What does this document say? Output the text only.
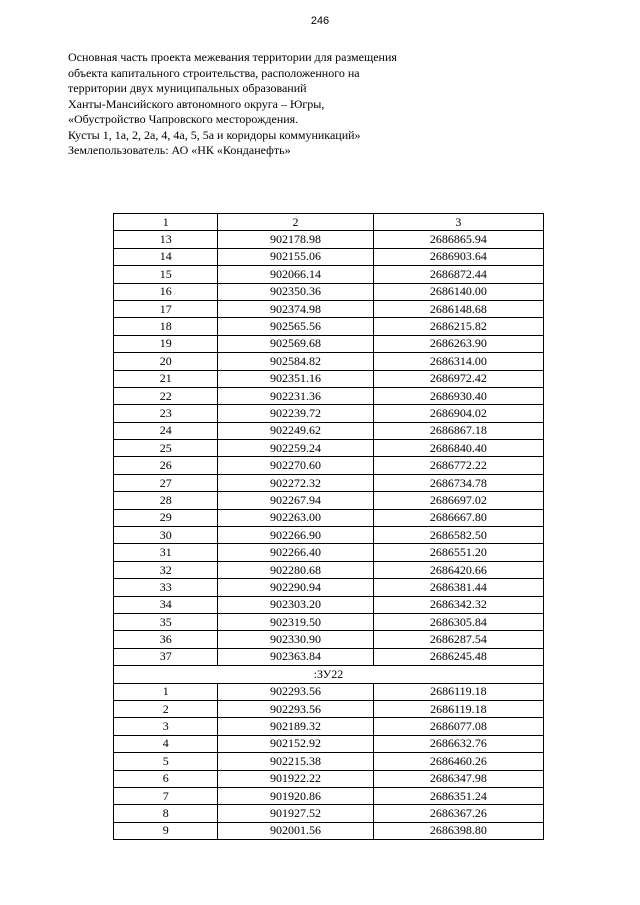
246
Основная часть проекта межевания территории для размещения
объекта капитального строительства, расположенного на
территории двух муниципальных образований
Ханты-Мансийского автономного округа – Югры,
«Обустройство Чапровского месторождения.
Кусты 1, 1а, 2, 2а, 4, 4а, 5, 5а и коридоры коммуникаций»
Землепользователь: АО «НК «Конданефть»
1	2	3
13	902178.98	2686865.94
14	902155.06	2686903.64
15	902066.14	2686872.44
16	902350.36	2686140.00
17	902374.98	2686148.68
18	902565.56	2686215.82
19	902569.68	2686263.90
20	902584.82	2686314.00
21	902351.16	2686972.42
22	902231.36	2686930.40
23	902239.72	2686904.02
24	902249.62	2686867.18
25	902259.24	2686840.40
26	902270.60	2686772.22
27	902272.32	2686734.78
28	902267.94	2686697.02
29	902263.00	2686667.80
30	902266.90	2686582.50
31	902266.40	2686551.20
32	902280.68	2686420.66
33	902290.94	2686381.44
34	902303.20	2686342.32
35	902319.50	2686305.84
36	902330.90	2686287.54
37	902363.84	2686245.48
:ЗУ22		
1	902293.56	2686119.18
2	902293.56	2686119.18
3	902189.32	2686077.08
4	902152.92	2686632.76
5	902215.38	2686460.26
6	901922.22	2686347.98
7	901920.86	2686351.24
8	901927.52	2686367.26
9	902001.56	2686398.80
